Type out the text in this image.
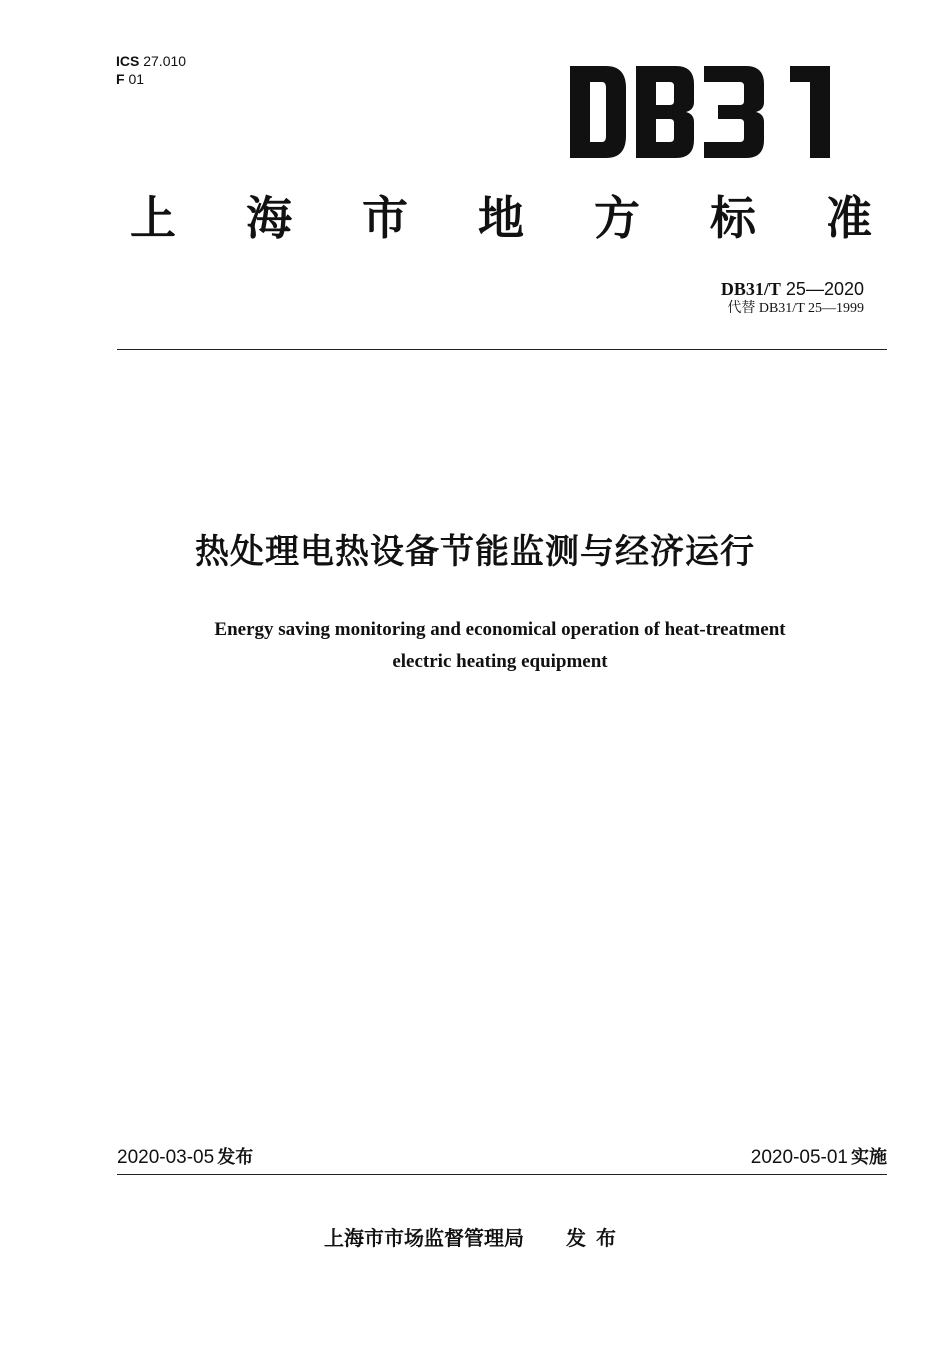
ICS 27.010
F 01
上 海 市 地 方 标 准
DB31/T 25—2020
代替 DB31/T 25—1999
热处理电热设备节能监测与经济运行
Energy saving monitoring and economical operation of heat-treatment
electric heating equipment
2020-03-05 发布	2020-05-01 实施
上海市市场监督管理局 发布
